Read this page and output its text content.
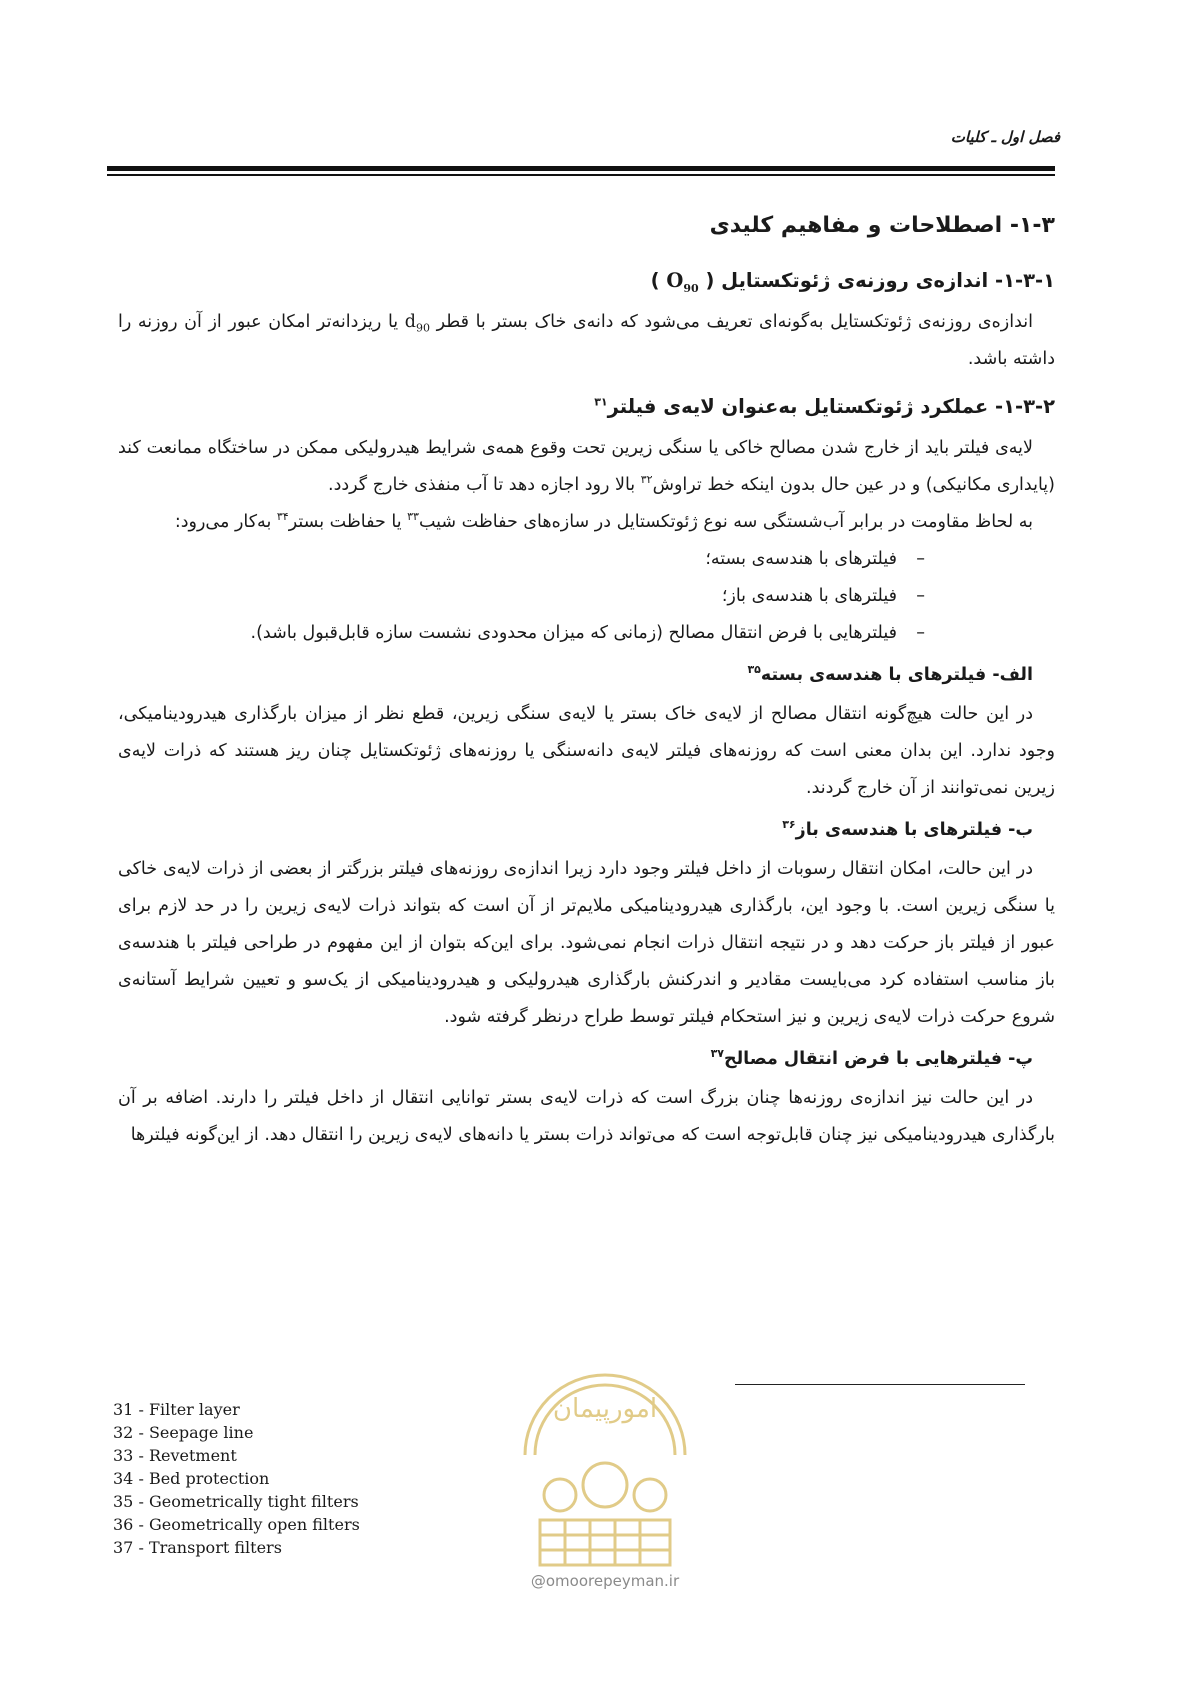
فصل اول ـ کلیات
۱-۳- اصطلاحات و مفاهیم کلیدی
۱-۳-۱- اندازه‌ی روزنه‌ی ژئوتکستایل ( $O_{90}$ )

اندازه‌ی روزنه‌ی ژئوتکستایل به‌گونه‌ای تعریف می‌شود که دانه‌ی خاک بستر با قطر $d_{90}$ یا ریزدانه‌تر امکان عبور از آن روزنه را داشته باشد.

۱-۳-۲- عملکرد ژئوتکستایل به‌عنوان لایه‌ی فیلتر$^{۳۱}$

لایه‌ی فیلتر باید از خارج شدن مصالح خاکی یا سنگی زیرین تحت وقوع همه‌ی شرایط هیدرولیکی ممکن در ساختگاه ممانعت کند (پایداری مکانیکی) و در عین حال بدون اینکه خط تراوش$^{۳۲}$ بالا رود اجازه دهد تا آب منفذی خارج گردد.

به لحاظ مقاومت در برابر آب‌شستگی سه نوع ژئوتکستایل در سازه‌های حفاظت شیب$^{۳۳}$ یا حفاظت بستر$^{۳۴}$ به‌کار می‌رود:

–
فیلترهای با هندسه‌ی بسته؛
–
فیلترهای با هندسه‌ی باز؛
–
فیلترهایی با فرض انتقال مصالح (زمانی که میزان محدودی نشست سازه قابل‌قبول باشد).
الف- فیلترهای با هندسه‌ی بسته$^{۳۵}$

در این حالت هیچ‌گونه انتقال مصالح از لایه‌ی خاک بستر یا لایه‌ی سنگی زیرین، قطع نظر از میزان بارگذاری هیدرودینامیکی، وجود ندارد. این بدان معنی است که روزنه‌های فیلتر لایه‌ی دانه‌سنگی یا روزنه‌های ژئوتکستایل چنان ریز هستند که ذرات لایه‌ی زیرین نمی‌توانند از آن خارج گردند.

ب- فیلترهای با هندسه‌ی باز$^{۳۶}$

در این حالت، امکان انتقال رسوبات از داخل فیلتر وجود دارد زیرا اندازه‌ی روزنه‌های فیلتر بزرگتر از بعضی از ذرات لایه‌ی خاکی یا سنگی زیرین است. با وجود این، بارگذاری هیدرودینامیکی ملایم‌تر از آن است که بتواند ذرات لایه‌ی زیرین را در حد لازم برای عبور از فیلتر باز حرکت دهد و در نتیجه انتقال ذرات انجام نمی‌شود. برای این‌که بتوان از این مفهوم در طراحی فیلتر با هندسه‌ی باز مناسب استفاده کرد می‌بایست مقادیر و اندرکنش بارگذاری هیدرولیکی و هیدرودینامیکی از یک‌سو و تعیین شرایط آستانه‌ی شروع حرکت ذرات لایه‌ی زیرین و نیز استحکام فیلتر توسط طراح درنظر گرفته شود.

پ- فیلترهایی با فرض انتقال مصالح$^{۳۷}$

در این حالت نیز اندازه‌ی روزنه‌ها چنان بزرگ است که ذرات لایه‌ی بستر توانایی انتقال از داخل فیلتر را دارند. اضافه بر آن بارگذاری هیدرودینامیکی نیز چنان قابل‌توجه است که می‌تواند ذرات بستر یا دانه‌های لایه‌ی زیرین را انتقال دهد. از این‌گونه فیلترها

31 - Filter layer
32 - Seepage line
33 - Revetment
34 - Bed protection
35 - Geometrically tight filters
36 - Geometrically open filters
37 - Transport filters
امورپیمان
@omoorepeyman.ir
